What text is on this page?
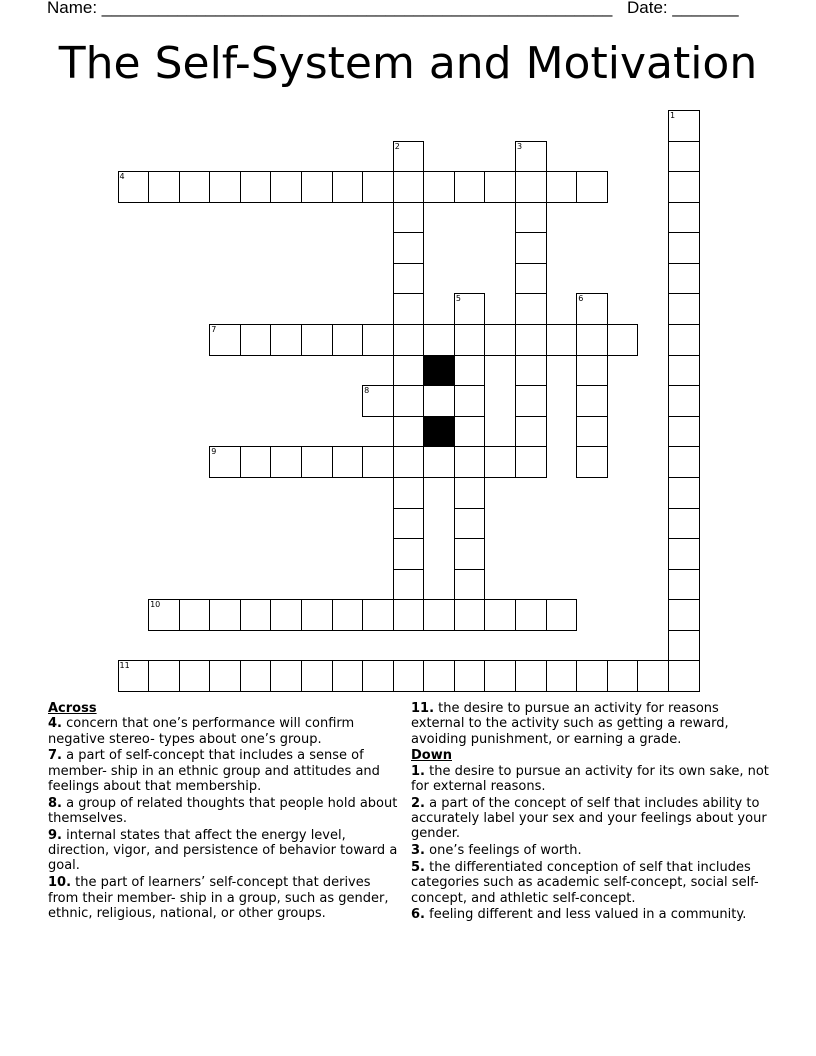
Name: ______________________________________________________ Date: _______
The Self-System and Motivation
1
2	3
4
5	6
7
8
9
10
11

Across

4. concern that one’s performance will confirm negative stereo- types about one’s group.

7. a part of self-concept that includes a sense of member- ship in an ethnic group and attitudes and feelings about that membership.

8. a group of related thoughts that people hold about themselves.

9. internal states that affect the energy level, direction, vigor, and persistence of behavior toward a goal.

10. the part of learners’ self-concept that derives from their member- ship in a group, such as gender, ethnic, religious, national, or other groups.

11. the desire to pursue an activity for reasons external to the activity such as getting a reward, avoiding punishment, or earning a grade.

Down

1. the desire to pursue an activity for its own sake, not for external reasons.

2. a part of the concept of self that includes ability to accurately label your sex and your feelings about your gender.

3. one’s feelings of worth.

5. the differentiated conception of self that includes categories such as academic self-concept, social self-concept, and athletic self-concept.

6. feeling different and less valued in a community.
